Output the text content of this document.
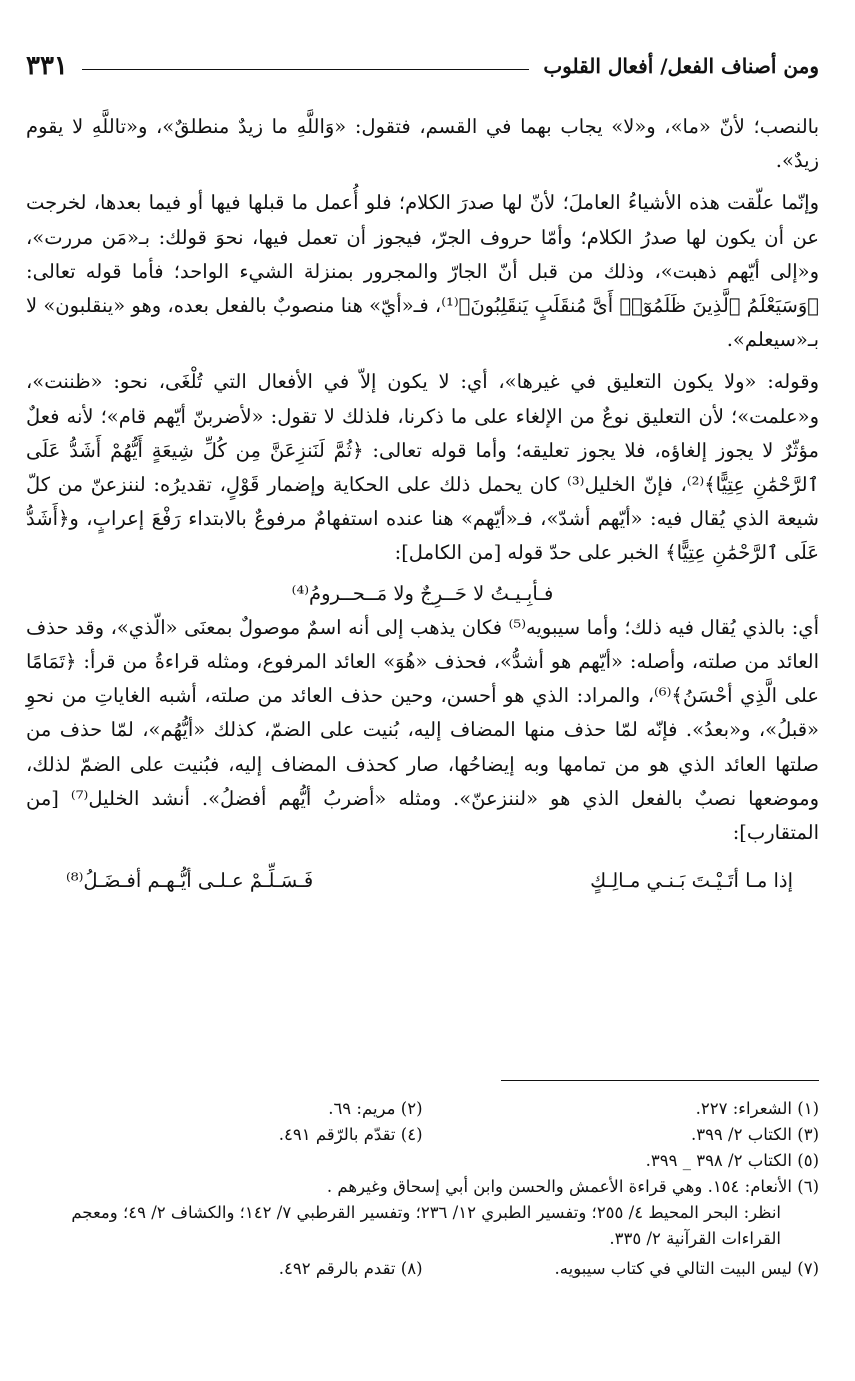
ومن أصناف الفعل/ أفعال القلوب
٣٣١

بالنصب؛ لأنّ «ما»، و«لا» يجاب بهما في القسم، فتقول: «وَاللَّهِ ما زيدٌ منطلقٌ»، و«تاللَّهِ لا يقوم زيدٌ».

وإنّما علّقت هذه الأشياءُ العاملَ؛ لأنّ لها صدرَ الكلام؛ فلو أُعمل ما قبلها فيها أو فيما بعدها، لخرجت عن أن يكون لها صدرُ الكلام؛ وأمّا حروف الجرّ، فيجوز أن تعمل فيها، نحوَ قولك: بـ«مَن مررت»، و«إلى أيّهم ذهبت»، وذلك من قبل أنّ الجارّ والمجرور بمنزلة الشيء الواحد؛ فأما قوله تعالى: ﴿وَسَيَعْلَمُ ٱلَّذِينَ ظَلَمُوٓا۟ أَىَّ مُنقَلَبٍ يَنقَلِبُونَ﴾⁽¹⁾، فـ«أيّ» هنا منصوبٌ بالفعل بعده، وهو «ينقلبون» لا بـ«سيعلم».

وقوله: «ولا يكون التعليق في غيرها»، أي: لا يكون إلاّ في الأفعال التي تُلْغَى، نحو: «ظننت»، و«علمت»؛ لأن التعليق نوعٌ من الإلغاء على ما ذكرنا، فلذلك لا تقول: «لأضربنّ أيّهم قام»؛ لأنه فعلٌ مؤثّرٌ لا يجوز إلغاؤه، فلا يجوز تعليقه؛ وأما قوله تعالى: ﴿ثُمَّ لَنَنزِعَنَّ مِن كُلِّ شِيعَةٍ أَيُّهُمْ أَشَدُّ عَلَى ٱلرَّحْمَٰنِ عِتِيًّا﴾⁽²⁾، فإنّ الخليل⁽³⁾ كان يحمل ذلك على الحكاية وإضمار قَوْلٍ، تقديرُه: لننزعنّ من كلّ شيعة الذي يُقال فيه: «أيّهم أشدّ»، فـ«أيّهم» هنا عنده استفهامٌ مرفوعٌ بالابتداء رَفْعَ إعرابٍ، و﴿أَشَدُّ عَلَى ٱلرَّحْمَٰنِ عِتِيًّا﴾ الخبر على حدّ قوله [من الكامل]:

فـأبِـيـتُ لا حَــرِجٌ ولا مَــحــرومُ⁽⁴⁾

أي: بالذي يُقال فيه ذلك؛ وأما سيبويه⁽⁵⁾ فكان يذهب إلى أنه اسمٌ موصولٌ بمعنَى «الّذي»، وقد حذف العائد من صلته، وأصله: «أيّهم هو أشدُّ»، فحذف «هُوَ» العائد المرفوع، ومثله قراءةُ من قرأ: ﴿تَمَامًا على الَّذِي أحْسَنُ﴾⁽⁶⁾، والمراد: الذي هو أحسن، وحين حذف العائد من صلته، أشبه الغاياتِ من نحوِ «قبلُ»، و«بعدُ». فإنّه لمّا حذف منها المضاف إليه، بُنيت على الضمّ، كذلك «أيُّهُم»، لمّا حذف من صلتها العائد الذي هو من تمامها وبه إيضاحُها، صار كحذف المضاف إليه، فبُنيت على الضمّ لذلك، وموضعها نصبٌ بالفعل الذي هو «لننزعنّ». ومثله «أضربُ أيُّهم أفضلُ». أنشد الخليل⁽⁷⁾ [من المتقارب]:

إذا مـا أتَـيْـتَ بَـنـي مـالِـكٍ
فَـسَـلِّـمْ عـلـى أيُّـهـم أفـضَـلُ⁽⁸⁾
(١) الشعراء: ٢٢٧.
(٢) مريم: ٦٩.
(٣) الكتاب ٢/ ٣٩٩.
(٤) تقدّم بالرّقم ٤٩١.

(٥) الكتاب ٢/ ٣٩٨ _ ٣٩٩.

(٦) الأنعام: ١٥٤. وهي قراءة الأعمش والحسن وابن أبي إسحاق وغيرهم .

انظر: البحر المحيط ٤/ ٢٥٥؛ وتفسير الطبري ١٢/ ٢٣٦؛ وتفسير القرطبي ٧/ ١٤٢؛ والكشاف ٢/ ٤٩؛ ومعجم القراءات القرآنية ٢/ ٣٣٥.

(٧) ليس البيت التالي في كتاب سيبويه.
(٨) تقدم بالرقم ٤٩٢.
